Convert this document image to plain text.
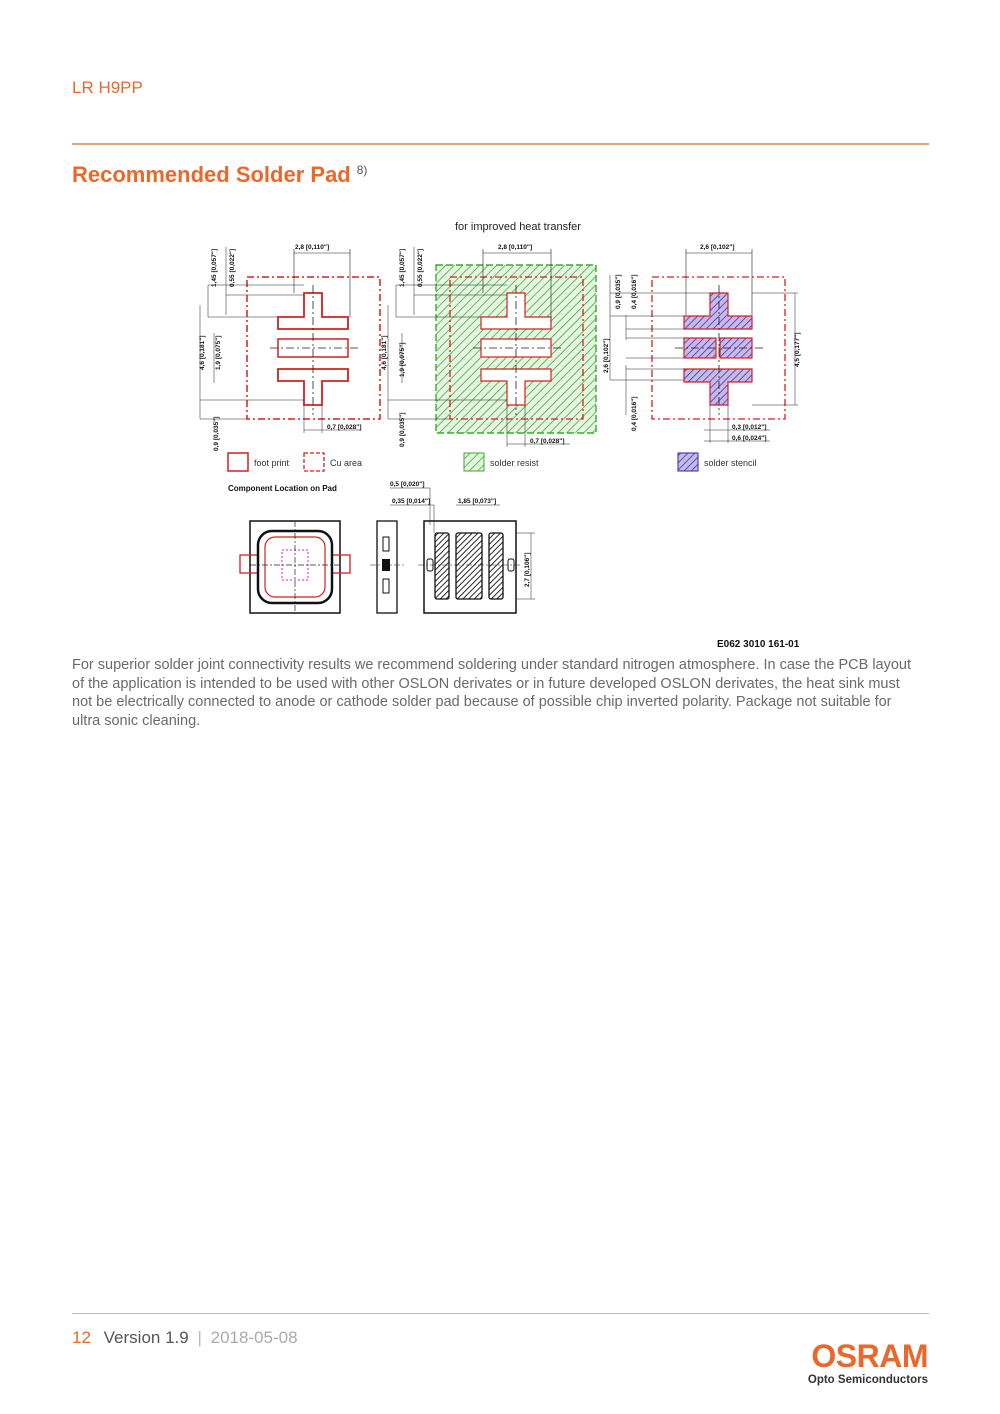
LR H9PP
Recommended Solder Pad $^{8)}$
for improved heat transfer
2,8 [0,110"]
1,45 [0,057"] 0,55 [0,022"]
4,6 [0,181"] 1,9 [0,075"]
0,9 [0,035"]	0,7 [0,028"]
2,8 [0,110"]
1,45 [0,057"] 0,55 [0,022"]
4,6 [0,181"] 1,9 [0,075"]
0,9 [0,035"]	0,7 [0,028"]
2,6 [0,102"]
0,9 [0,035"] 0,4 [0,016"]
2,6 [0,102"]
0,4 [0,016"]
4,5 [0,177"]
0,3 [0,012"]
0,6 [0,024"]
foot print	Cu area	solder resist	solder stencil
Component Location on Pad	0,5 [0,020"]
0,35 [0,014"]	1,85 [0,073"]
2,7 [0,106"]
E062 3010 161-01
For superior solder joint connectivity results we recommend soldering under standard nitrogen atmosphere. In case the PCB layout of the application is intended to be used with other OSLON derivates or in future developed OSLON derivates, the heat sink must not be electrically connected to anode or cathode solder pad because of possible chip inverted polarity. Package not suitable for ultra sonic cleaning.
12 Version 1.9 | 2018-05-08
OSRAM
Opto Semiconductors
